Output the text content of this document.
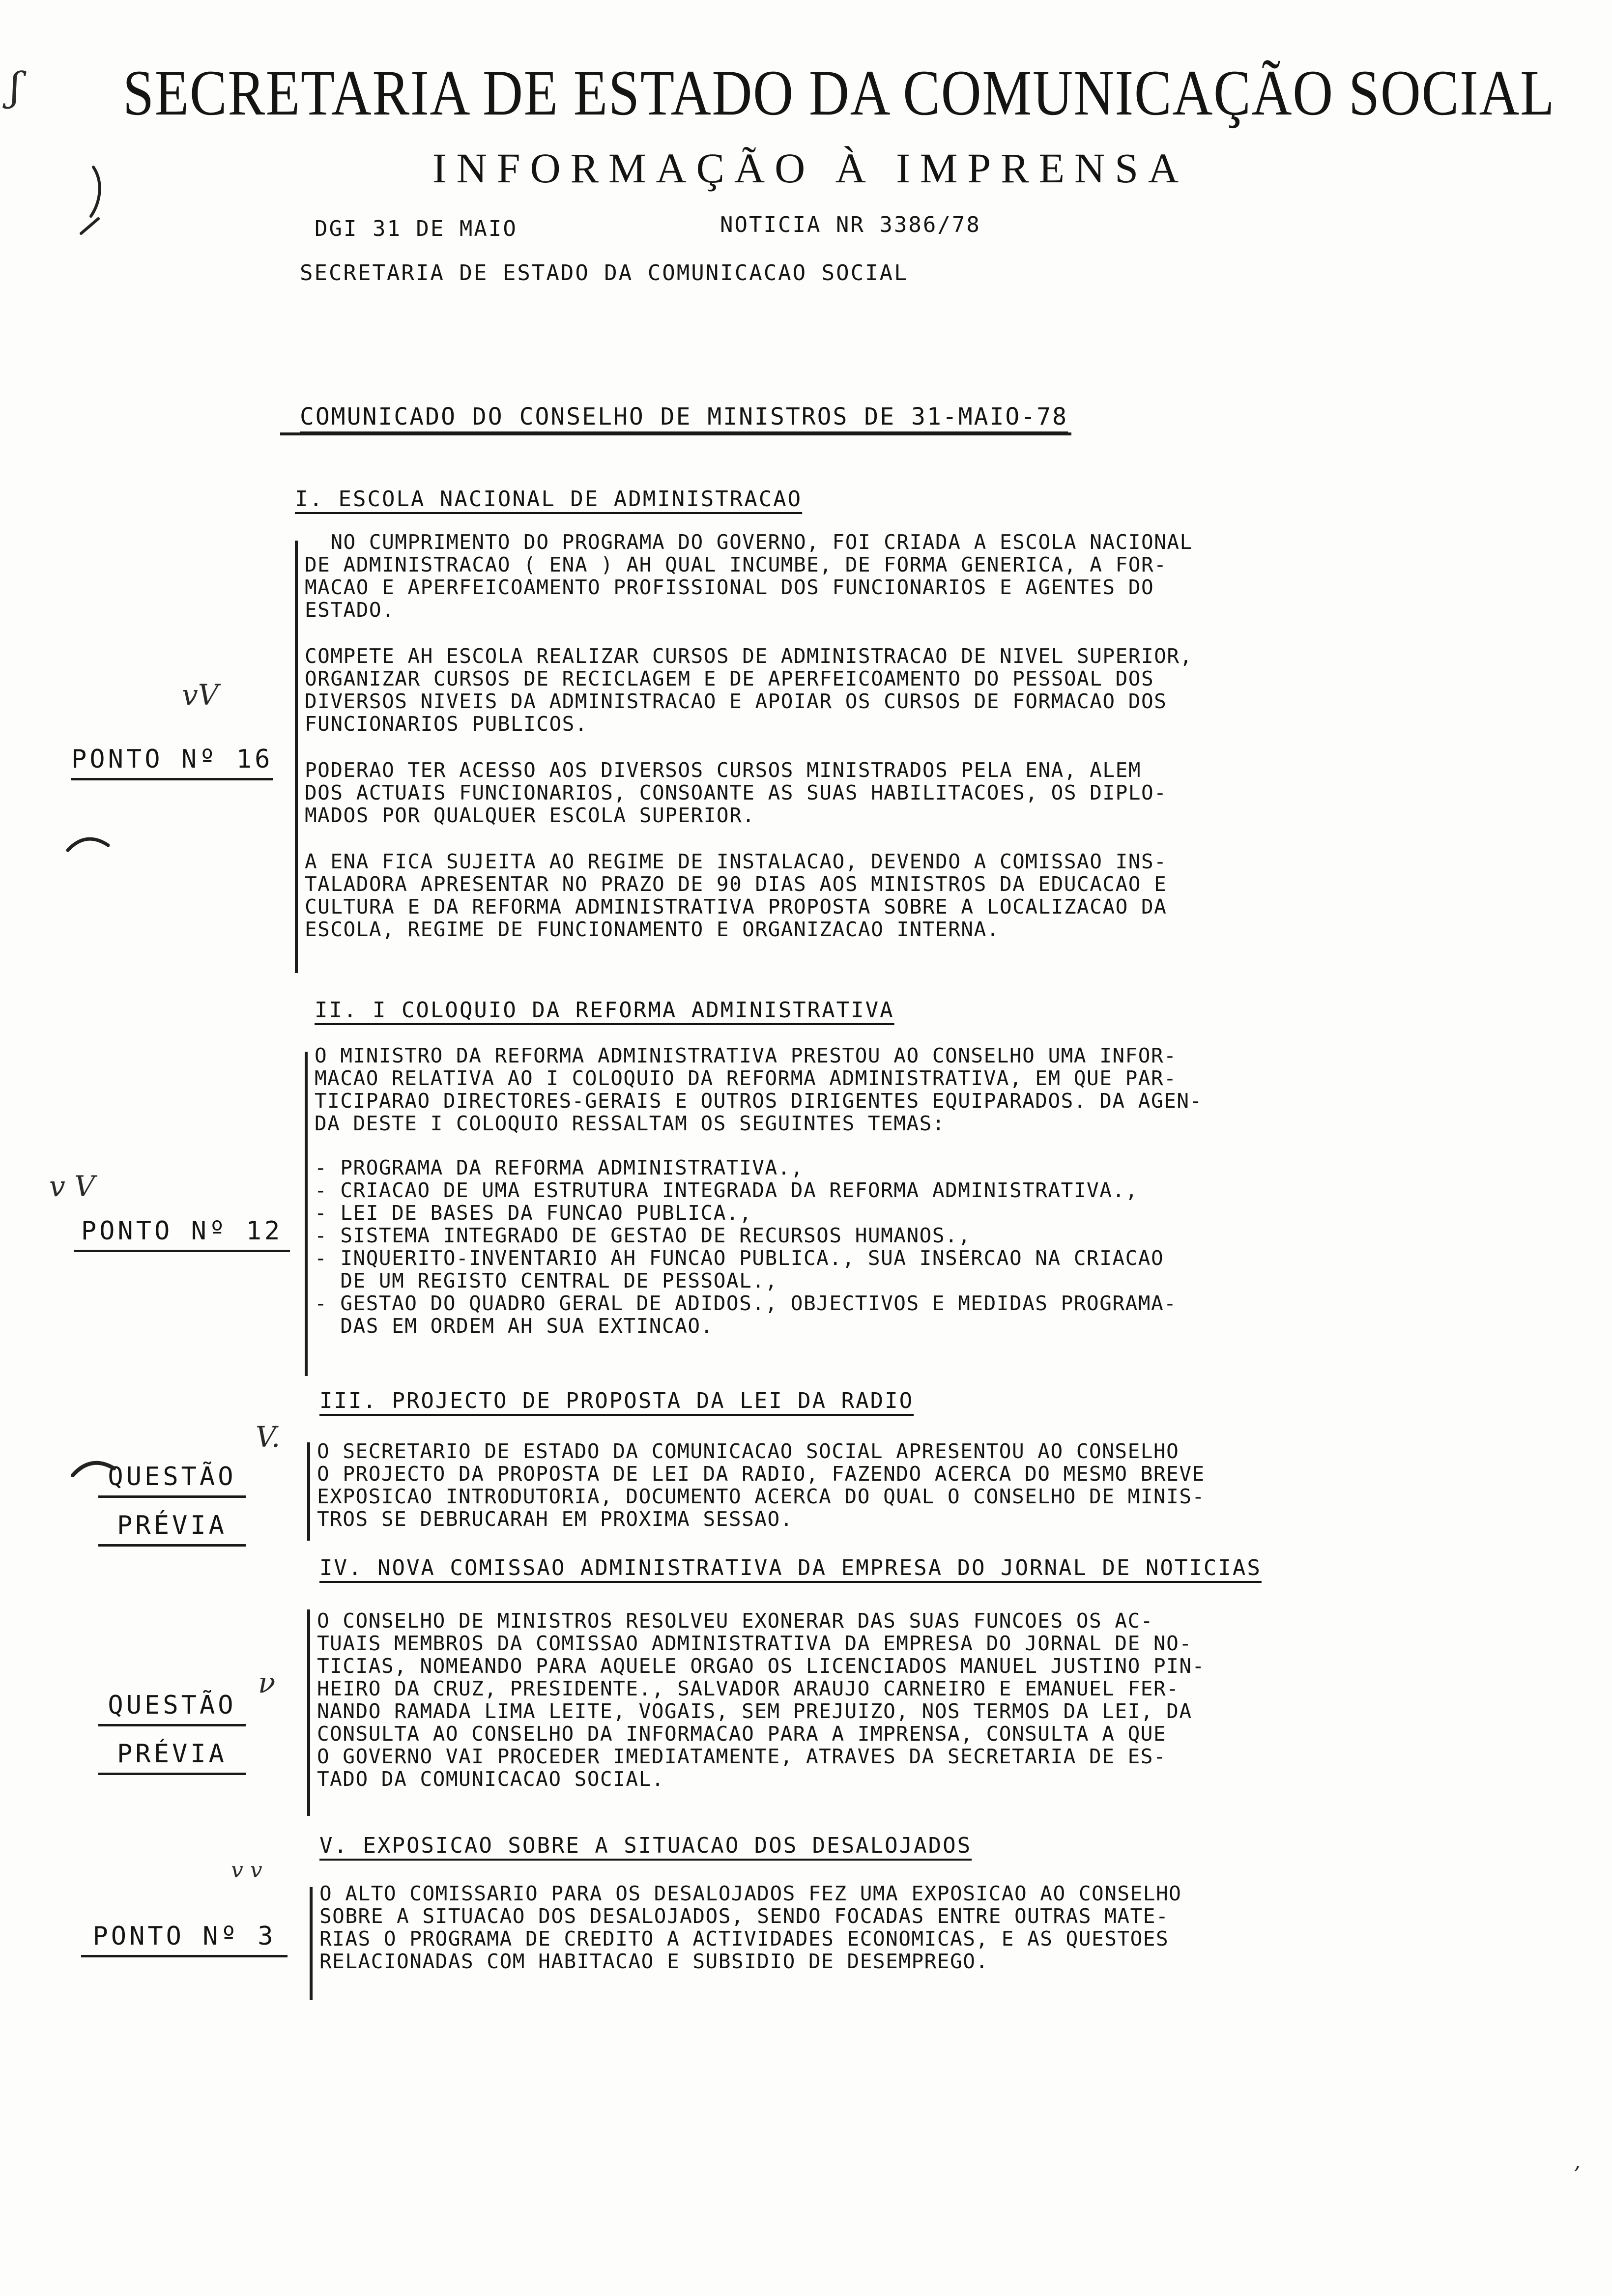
SECRETARIA DE ESTADO DA COMUNICAÇÃO SOCIAL
INFORMAÇÃO À IMPRENSA
DGI 31 DE MAIO	NOTICIA NR 3386/78
SECRETARIA DE ESTADO DA COMUNICACAO SOCIAL
ʃ
COMUNICADO DO CONSELHO DE MINISTROS DE 31-MAIO-78
I. ESCOLA NACIONAL DE ADMINISTRACAO
NO CUMPRIMENTO DO PROGRAMA DO GOVERNO, FOI CRIADA A ESCOLA NACIONAL
DE ADMINISTRACAO ( ENA ) AH QUAL INCUMBE, DE FORMA GENERICA, A FOR-
MACAO E APERFEICOAMENTO PROFISSIONAL DOS FUNCIONARIOS E AGENTES DO
ESTADO.
COMPETE AH ESCOLA REALIZAR CURSOS DE ADMINISTRACAO DE NIVEL SUPERIOR,
ORGANIZAR CURSOS DE RECICLAGEM E DE APERFEICOAMENTO DO PESSOAL DOS
DIVERSOS NIVEIS DA ADMINISTRACAO E APOIAR OS CURSOS DE FORMACAO DOS
FUNCIONARIOS PUBLICOS.
PODERAO TER ACESSO AOS DIVERSOS CURSOS MINISTRADOS PELA ENA, ALEM
DOS ACTUAIS FUNCIONARIOS, CONSOANTE AS SUAS HABILITACOES, OS DIPLO-
MADOS POR QUALQUER ESCOLA SUPERIOR.
A ENA FICA SUJEITA AO REGIME DE INSTALACAO, DEVENDO A COMISSAO INS-
TALADORA APRESENTAR NO PRAZO DE 90 DIAS AOS MINISTROS DA EDUCACAO E
CULTURA E DA REFORMA ADMINISTRATIVA PROPOSTA SOBRE A LOCALIZACAO DA
ESCOLA, REGIME DE FUNCIONAMENTO E ORGANIZACAO INTERNA.
PONTO Nº 16
vV
II. I COLOQUIO DA REFORMA ADMINISTRATIVA
O MINISTRO DA REFORMA ADMINISTRATIVA PRESTOU AO CONSELHO UMA INFOR-
MACAO RELATIVA AO I COLOQUIO DA REFORMA ADMINISTRATIVA, EM QUE PAR-
TICIPARAO DIRECTORES-GERAIS E OUTROS DIRIGENTES EQUIPARADOS. DA AGEN-
DA DESTE I COLOQUIO RESSALTAM OS SEGUINTES TEMAS:
- PROGRAMA DA REFORMA ADMINISTRATIVA.,
- CRIACAO DE UMA ESTRUTURA INTEGRADA DA REFORMA ADMINISTRATIVA.,
- LEI DE BASES DA FUNCAO PUBLICA.,
- SISTEMA INTEGRADO DE GESTAO DE RECURSOS HUMANOS.,
- INQUERITO-INVENTARIO AH FUNCAO PUBLICA., SUA INSERCAO NA CRIACAO
DE UM REGISTO CENTRAL DE PESSOAL.,
- GESTAO DO QUADRO GERAL DE ADIDOS., OBJECTIVOS E MEDIDAS PROGRAMA-
DAS EM ORDEM AH SUA EXTINCAO.
PONTO Nº 12
v V
III. PROJECTO DE PROPOSTA DA LEI DA RADIO
O SECRETARIO DE ESTADO DA COMUNICACAO SOCIAL APRESENTOU AO CONSELHO
O PROJECTO DA PROPOSTA DE LEI DA RADIO, FAZENDO ACERCA DO MESMO BREVE
EXPOSICAO INTRODUTORIA, DOCUMENTO ACERCA DO QUAL O CONSELHO DE MINIS-
TROS SE DEBRUCARAH EM PROXIMA SESSAO.
QUESTÃO
PRÉVIA
V.
IV. NOVA COMISSAO ADMINISTRATIVA DA EMPRESA DO JORNAL DE NOTICIAS
O CONSELHO DE MINISTROS RESOLVEU EXONERAR DAS SUAS FUNCOES OS AC-
TUAIS MEMBROS DA COMISSAO ADMINISTRATIVA DA EMPRESA DO JORNAL DE NO-
TICIAS, NOMEANDO PARA AQUELE ORGAO OS LICENCIADOS MANUEL JUSTINO PIN-
HEIRO DA CRUZ, PRESIDENTE., SALVADOR ARAUJO CARNEIRO E EMANUEL FER-
NANDO RAMADA LIMA LEITE, VOGAIS, SEM PREJUIZO, NOS TERMOS DA LEI, DA
CONSULTA AO CONSELHO DA INFORMACAO PARA A IMPRENSA, CONSULTA A QUE
O GOVERNO VAI PROCEDER IMEDIATAMENTE, ATRAVES DA SECRETARIA DE ES-
TADO DA COMUNICACAO SOCIAL.
QUESTÃO
PRÉVIA
ν
V. EXPOSICAO SOBRE A SITUACAO DOS DESALOJADOS
O ALTO COMISSARIO PARA OS DESALOJADOS FEZ UMA EXPOSICAO AO CONSELHO
SOBRE A SITUACAO DOS DESALOJADOS, SENDO FOCADAS ENTRE OUTRAS MATE-
RIAS O PROGRAMA DE CREDITO A ACTIVIDADES ECONOMICAS, E AS QUESTOES
RELACIONADAS COM HABITACAO E SUBSIDIO DE DESEMPREGO.
PONTO Nº 3
v v
ʼ
